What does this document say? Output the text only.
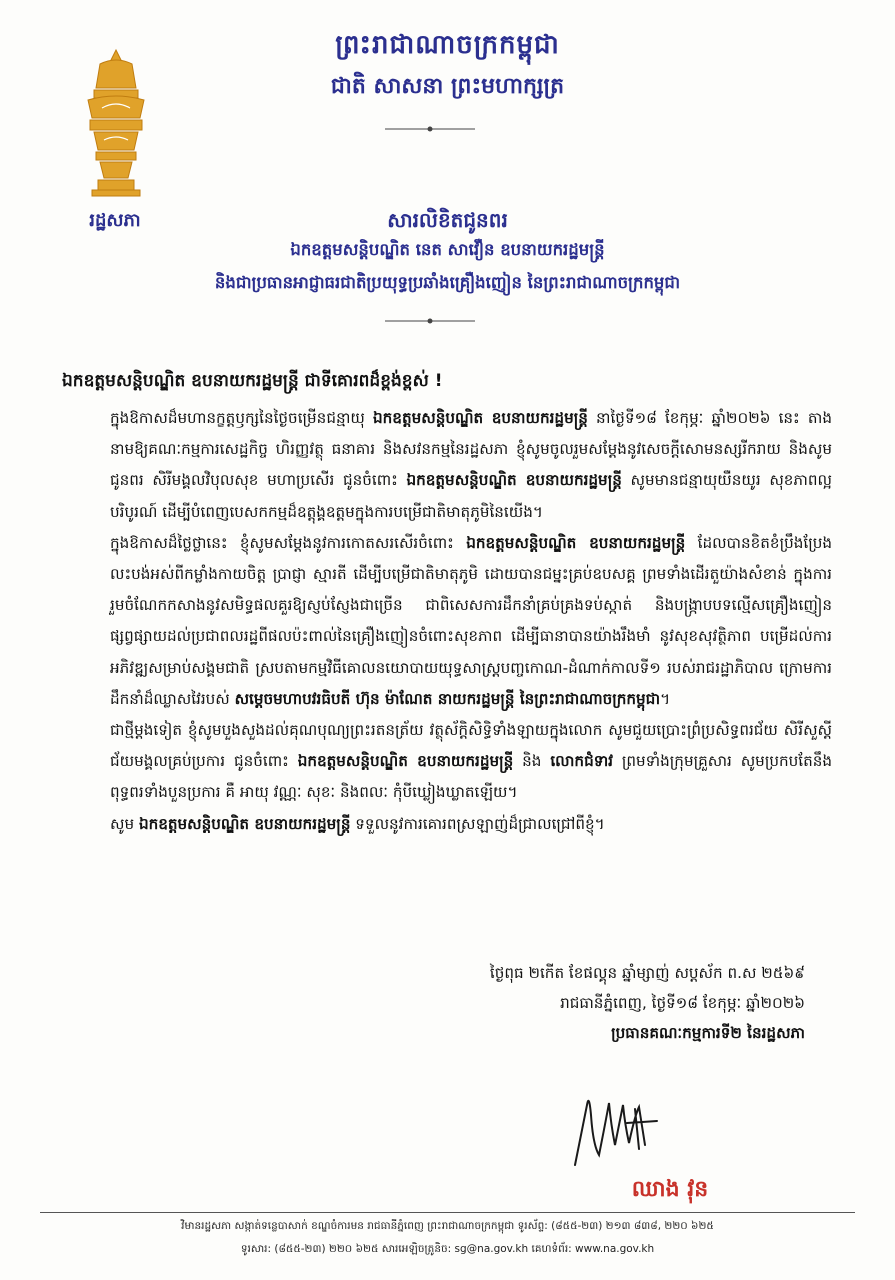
ព្រះរាជាណាចក្រកម្ពុជា
ជាតិ សាសនា ព្រះមហាក្សត្រ
រដ្ឋសភា	សារលិខិតជូនពរ
ឯកឧត្តមសន្តិបណ្ឌិត នេត សាវឿន ឧបនាយករដ្ឋមន្ត្រី
និងជាប្រធានអាជ្ញាធរជាតិប្រយុទ្ធប្រឆាំងគ្រឿងញៀន នៃព្រះរាជាណាចក្រកម្ពុជា
ឯកឧត្តមសន្តិបណ្ឌិត ឧបនាយករដ្ឋមន្ត្រី ជាទីគោរពដ៏ខ្ពង់ខ្ពស់ !

ក្នុងឱកាសដ៏មហានក្ខត្តឫក្សនៃថ្ងៃចម្រើនជន្មាយុ ឯកឧត្តមសន្តិបណ្ឌិត ឧបនាយករដ្ឋមន្ត្រី នាថ្ងៃទី១៨ ខែកុម្ភៈ ឆ្នាំ២០២៦ នេះ តាងនាមឱ្យគណៈកម្មការសេដ្ឋកិច្ច ហិរញ្ញវត្ថុ ធនាគារ និងសវនកម្មនៃរដ្ឋសភា ខ្ញុំសូមចូលរួមសម្តែងនូវសេចក្តីសោមនស្សរីករាយ និងសូមជូនពរ សិរីមង្គលវិបុលសុខ មហាប្រសើរ ជូនចំពោះ ឯកឧត្តមសន្តិបណ្ឌិត ឧបនាយករដ្ឋមន្ត្រី សូមមានជន្មាយុយឺនយូរ សុខភាពល្អបរិបូរណ៍ ដើម្បីបំពេញបេសកកម្មដ៏ឧត្តុង្គឧត្តមក្នុងការបម្រើជាតិមាតុភូមិនៃយើង។

ក្នុងឱកាសដ៏ថ្លៃថ្លានេះ ខ្ញុំសូមសម្តែងនូវការកោតសរសើរចំពោះ ឯកឧត្តមសន្តិបណ្ឌិត ឧបនាយករដ្ឋមន្ត្រី ដែលបានខិតខំប្រឹងប្រែងលះបង់អស់ពីកម្លាំងកាយចិត្ត ប្រាជ្ញា ស្មារតី ដើម្បីបម្រើជាតិមាតុភូមិ ដោយបានជម្នះគ្រប់ឧបសគ្គ ព្រមទាំងដើរតួយ៉ាងសំខាន់ ក្នុងការរួមចំណែកកសាងនូវសមិទ្ធផលគួរឱ្យស្ញប់ស្ញែងជាច្រើន ជាពិសេសការដឹកនាំគ្រប់គ្រងទប់ស្កាត់ និងបង្ក្រាបបទល្មើសគ្រឿងញៀន ផ្សព្វផ្សាយដល់ប្រជាពលរដ្ឋពីផលប៉ះពាល់នៃគ្រឿងញៀនចំពោះសុខភាព ដើម្បីធានាបានយ៉ាងរឹងមាំ នូវសុខសុវត្ថិភាព បម្រើដល់ការអភិវឌ្ឍសម្រាប់សង្គមជាតិ ស្របតាមកម្មវិធីគោលនយោបាយយុទ្ធសាស្ត្របញ្ចកោណ-ដំណាក់កាលទី១ របស់រាជរដ្ឋាភិបាល ក្រោមការដឹកនាំដ៏ឈ្លាសវៃរបស់ សម្តេចមហាបវរធិបតី ហ៊ុន ម៉ាណែត នាយករដ្ឋមន្ត្រី នៃព្រះរាជាណាចក្រកម្ពុជា។

ជាថ្មីម្តងទៀត ខ្ញុំសូមបួងសួងដល់គុណបុណ្យព្រះរតនត្រ័យ វត្ថុស័ក្តិសិទ្ធិទាំងឡាយក្នុងលោក សូមជួយប្រោះព្រំប្រសិទ្ធពរជ័យ សិរីសួស្តី ជ័យមង្គលគ្រប់ប្រការ ជូនចំពោះ ឯកឧត្តមសន្តិបណ្ឌិត ឧបនាយករដ្ឋមន្ត្រី និង លោកជំទាវ ព្រមទាំងក្រុមគ្រួសារ សូមប្រកបតែនឹងពុទ្ធពរទាំងបួនប្រការ គឺ អាយុ វណ្ណៈ សុខៈ និងពលៈ កុំបីឃ្លៀងឃ្លាតឡើយ។

សូម ឯកឧត្តមសន្តិបណ្ឌិត ឧបនាយករដ្ឋមន្ត្រី ទទួលនូវការគោរពស្រឡាញ់ដ៏ជ្រាលជ្រៅពីខ្ញុំ។

ថ្ងៃពុធ ២កើត ខែផល្គុន ឆ្នាំម្សាញ់ សប្តស័ក ព.ស ២៥៦៩
រាជធានីភ្នំពេញ, ថ្ងៃទី១៨ ខែកុម្ភៈ ឆ្នាំ២០២៦
ប្រធានគណៈកម្មការទី២ នៃរដ្ឋសភា
ឈាង វុន
វិមានរដ្ឋសភា សង្កាត់ទន្លេបាសាក់ ខណ្ឌចំការមន រាជធានីភ្នំពេញ ព្រះរាជាណាចក្រកម្ពុជា ទូរស័ព្ទ: (៨៥៥-២៣) ២១៣ ៨៣៨, ២២០ ៦២៥
ទូរសារ: (៨៥៥-២៣) ២២០ ៦២៥ សារអេឡិចត្រូនិច: sg@na.gov.kh គេហទំព័រ: www.na.gov.kh
